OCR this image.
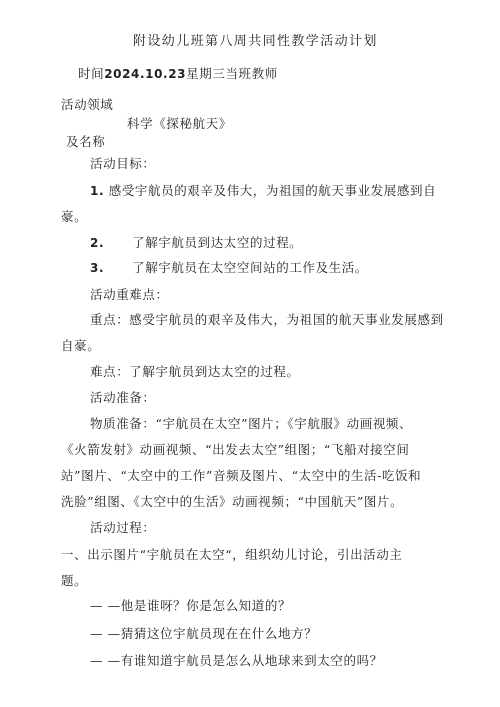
附设幼儿班第八周共同性教学活动计划
时间2024.10.23星期三当班教师
活动领域
科学《探秘航天》
及名称
活动目标：
1. 感受宇航员的艰辛及伟大，为祖国的航天事业发展感到自
豪。
2. 了解宇航员到达太空的过程。
3. 了解宇航员在太空空间站的工作及生活。
活动重难点：
重点：感受宇航员的艰辛及伟大，为祖国的航天事业发展感到
自豪。
难点：了解宇航员到达太空的过程。
活动准备：
物质准备：“宇航员在太空”图片；《宇航服》动画视频、
《火箭发射》动画视频、“出发去太空”组图；“飞船对接空间
站”图片、“太空中的工作”音频及图片、“太空中的生活-吃饭和
洗脸”组图、《太空中的生活》动画视频；“中国航天”图片。
活动过程：
一、出示图片“宇航员在太空“，组织幼儿讨论，引出活动主
题。
— —他是谁呀？你是怎么知道的？
— —猜猜这位宇航员现在在什么地方？
— —有谁知道宇航员是怎么从地球来到太空的吗？
